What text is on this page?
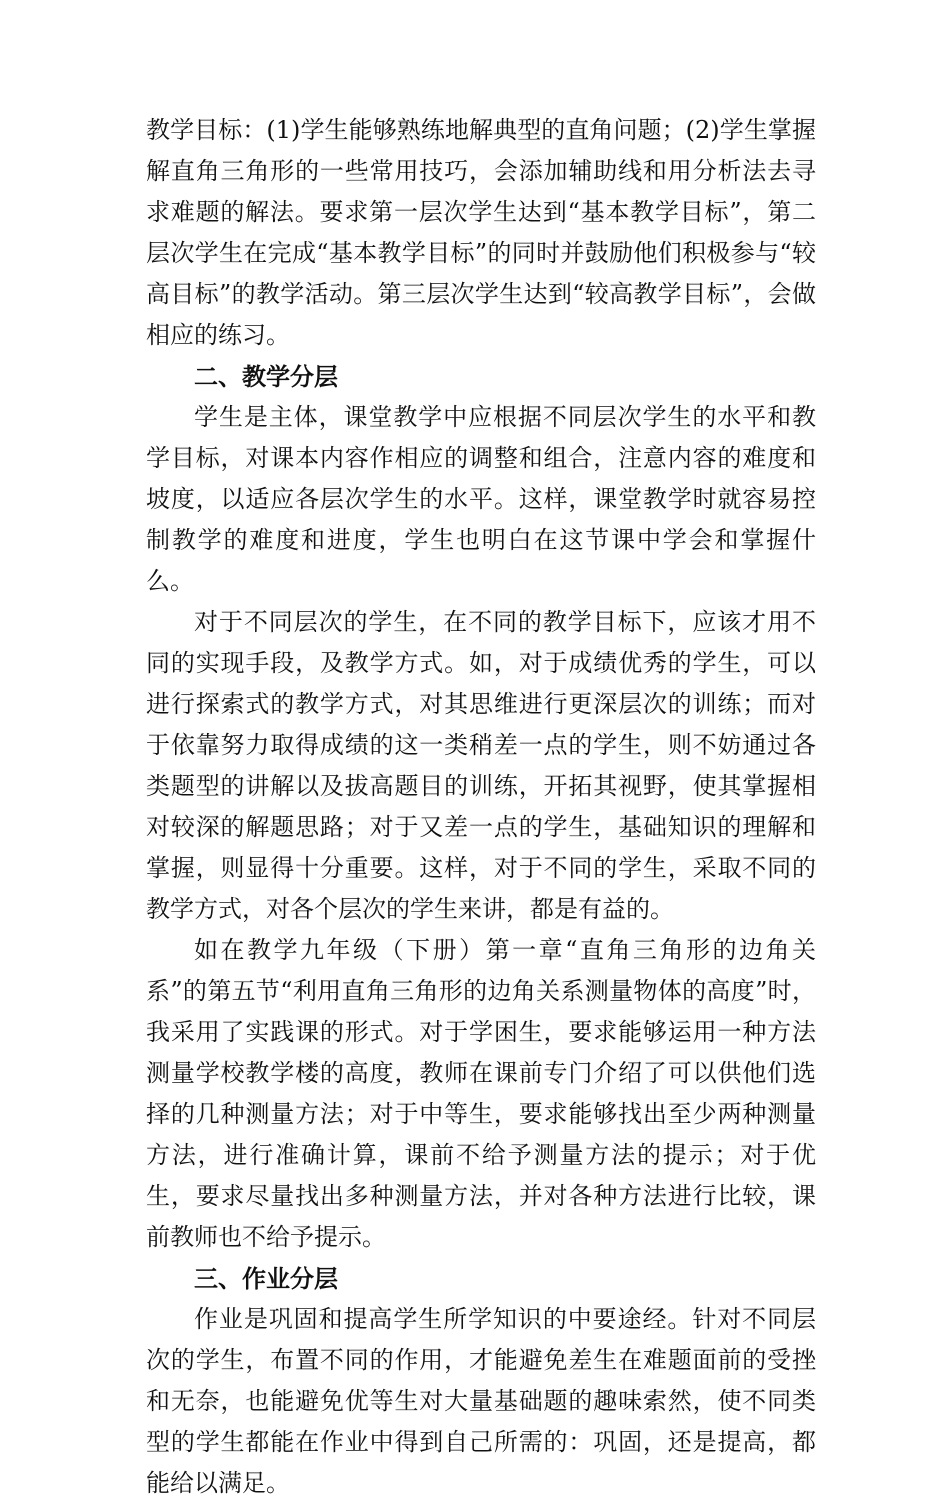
教学目标：(1)学生能够熟练地解典型的直角问题；(2)学生掌握解直角三角形的一些常用技巧，会添加辅助线和用分析法去寻求难题的解法。要求第一层次学生达到“基本教学目标”，第二层次学生在完成“基本教学目标”的同时并鼓励他们积极参与“较高目标”的教学活动。第三层次学生达到“较高教学目标”，会做相应的练习。

二、教学分层

学生是主体，课堂教学中应根据不同层次学生的水平和教学目标，对课本内容作相应的调整和组合，注意内容的难度和坡度，以适应各层次学生的水平。这样，课堂教学时就容易控制教学的难度和进度，学生也明白在这节课中学会和掌握什么。

对于不同层次的学生，在不同的教学目标下，应该才用不同的实现手段，及教学方式。如，对于成绩优秀的学生，可以进行探索式的教学方式，对其思维进行更深层次的训练；而对于依靠努力取得成绩的这一类稍差一点的学生，则不妨通过各类题型的讲解以及拔高题目的训练，开拓其视野，使其掌握相对较深的解题思路；对于又差一点的学生，基础知识的理解和掌握，则显得十分重要。这样，对于不同的学生，采取不同的教学方式，对各个层次的学生来讲，都是有益的。

如在教学九年级（下册）第一章“直角三角形的边角关系”的第五节“利用直角三角形的边角关系测量物体的高度”时，我采用了实践课的形式。对于学困生，要求能够运用一种方法测量学校教学楼的高度，教师在课前专门介绍了可以供他们选择的几种测量方法；对于中等生，要求能够找出至少两种测量方法，进行准确计算，课前不给予测量方法的提示；对于优生，要求尽量找出多种测量方法，并对各种方法进行比较，课前教师也不给予提示。

三、作业分层

作业是巩固和提高学生所学知识的中要途经。针对不同层次的学生，布置不同的作用，才能避免差生在难题面前的受挫和无奈，也能避免优等生对大量基础题的趣味索然，使不同类型的学生都能在作业中得到自己所需的：巩固，还是提高，都能给以满足。
